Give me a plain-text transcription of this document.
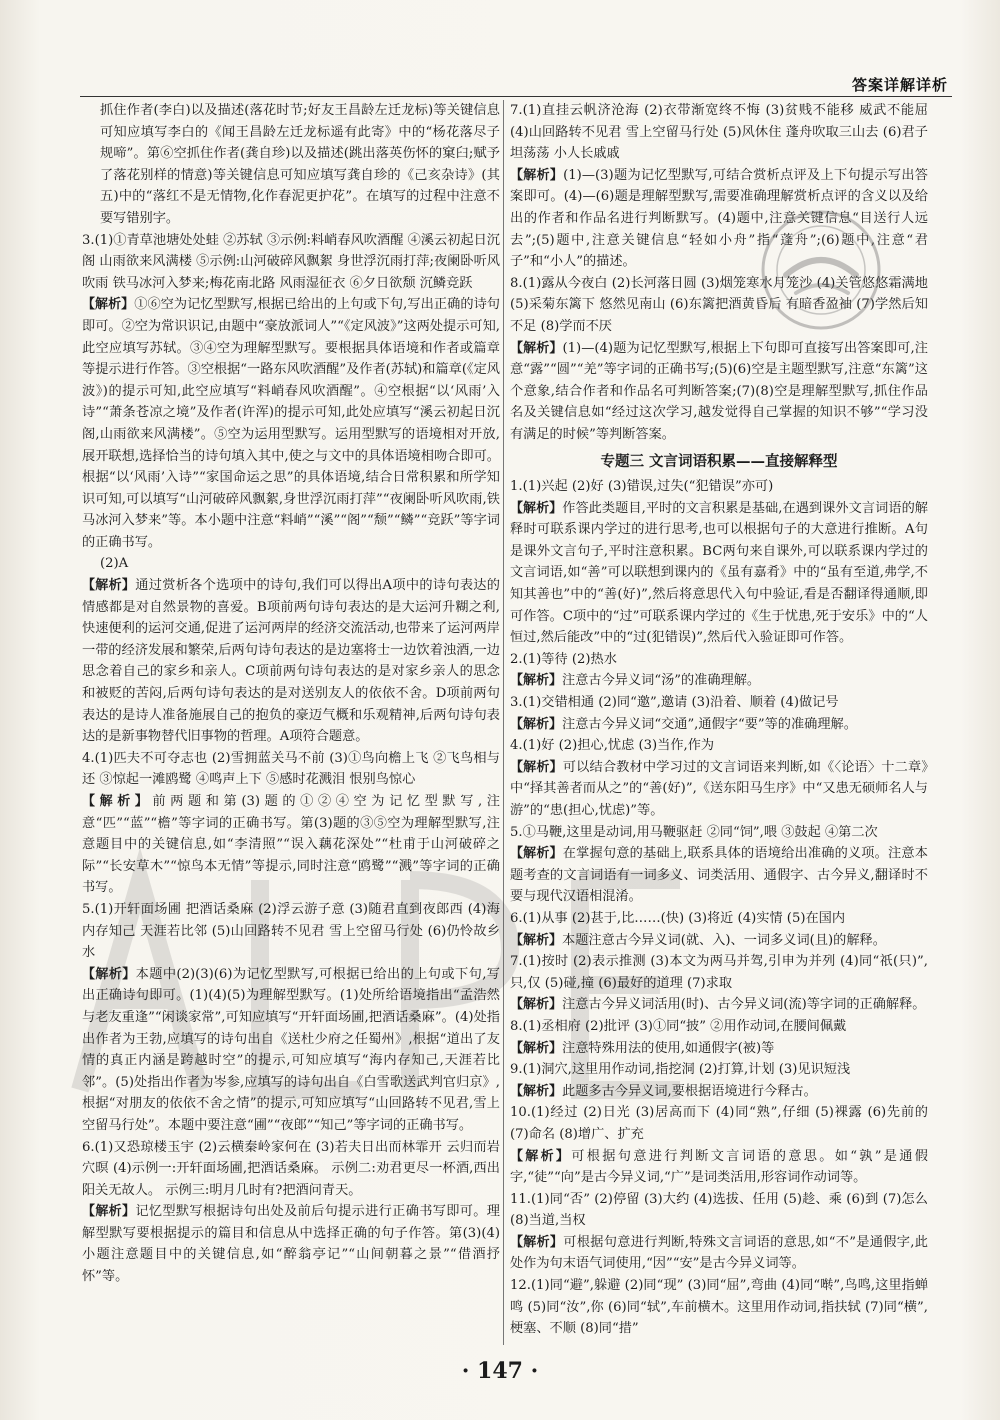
答案详解详析

抓住作者(李白)以及描述(落花时节;好友王昌龄左迁龙标)等关键信息可知应填写李白的《闻王昌龄左迁龙标遥有此寄》中的“杨花落尽子规啼”。第⑥空抓住作者(龚自珍)以及描述(跳出落英伤怀的窠臼;赋予了落花别样的情意)等关键信息可知应填写龚自珍的《己亥杂诗》(其五)中的“落红不是无情物,化作春泥更护花”。在填写的过程中注意不要写错别字。

3.(1)①青草池塘处处蛙 ②苏轼 ③示例:料峭春风吹酒醒 ④溪云初起日沉阁 山雨欲来风满楼 ⑤示例:山河破碎风飘絮 身世浮沉雨打萍;夜阑卧听风吹雨 铁马冰河入梦来;梅花南北路 风雨湿征衣 ⑥夕日欲颓 沉鳞竞跃

【解析】①⑥空为记忆型默写,根据已给出的上句或下句,写出正确的诗句即可。②空为常识识记,由题中“豪放派词人”“《定风波》”这两处提示可知,此空应填写苏轼。③④空为理解型默写。要根据具体语境和作者或篇章等提示进行作答。③空根据“一路东风吹酒醒”及作者(苏轼)和篇章(《定风波》)的提示可知,此空应填写“料峭春风吹酒醒”。④空根据“以‘风雨’入诗”“萧条苍凉之境”及作者(许浑)的提示可知,此处应填写“溪云初起日沉阁,山雨欲来风满楼”。⑤空为运用型默写。运用型默写的语境相对开放,展开联想,选择恰当的诗句填入其中,使之与文中的具体语境相吻合即可。根据“以‘风雨’入诗”“家国命运之思”的具体语境,结合日常积累和所学知识可知,可以填写“山河破碎风飘絮,身世浮沉雨打萍”“夜阑卧听风吹雨,铁马冰河入梦来”等。本小题中注意“料峭”“溪”“阁”“颓”“鳞”“竞跃”等字词的正确书写。

(2)A

【解析】通过赏析各个选项中的诗句,我们可以得出A项中的诗句表达的情感都是对自然景物的喜爱。B项前两句诗句表达的是大运河升糊之利,快速便利的运河交通,促进了运河两岸的经济交流活动,也带来了运河两岸一带的经济发展和繁荣,后两句诗句表达的是边塞将士一边饮着浊酒,一边思念着自己的家乡和亲人。C项前两句诗句表达的是对家乡亲人的思念和被贬的苦闷,后两句诗句表达的是对送别友人的依依不舍。D项前两句表达的是诗人准备施展自己的抱负的豪迈气概和乐观精神,后两句诗句表达的是新事物替代旧事物的哲理。A项符合题意。

4.(1)匹夫不可夺志也 (2)雪拥蓝关马不前 (3)①鸟向檐上飞 ②飞鸟相与还 ③惊起一滩鸥鹭 ④鸣声上下 ⑤感时花溅泪 恨别鸟惊心

【解析】前两题和第(3)题的①②④空为记忆型默写,注意“匹”“蓝”“檐”等字词的正确书写。第(3)题的③⑤空为理解型默写,注意题目中的关键信息,如“李清照”“误入藕花深处”“杜甫于山河破碎之际”“长安草木”“惊鸟本无情”等提示,同时注意“鸥鹭”“溅”等字词的正确书写。

5.(1)开轩面场圃 把酒话桑麻 (2)浮云游子意 (3)随君直到夜郎西 (4)海内存知己 天涯若比邻 (5)山回路转不见君 雪上空留马行处 (6)仍怜故乡水

【解析】本题中(2)(3)(6)为记忆型默写,可根据已给出的上句或下句,写出正确诗句即可。(1)(4)(5)为理解型默写。(1)处所给语境指出“孟浩然与老友重逢”“闲谈家常”,可知应填写“开轩面场圃,把酒话桑麻”。(4)处指出作者为王勃,应填写的诗句出自《送杜少府之任蜀州》,根据“道出了友情的真正内涵是跨越时空”的提示,可知应填写“海内存知己,天涯若比邻”。(5)处指出作者为岑参,应填写的诗句出自《白雪歌送武判官归京》,根据“对朋友的依依不舍之情”的提示,可知应填写“山回路转不见君,雪上空留马行处”。本题中要注意“圃”“夜郎”“知己”等字词的正确书写。

6.(1)又恐琼楼玉宇 (2)云横秦岭家何在 (3)若夫日出而林霏开 云归而岩穴暝 (4)示例一:开轩面场圃,把酒话桑麻。 示例二:劝君更尽一杯酒,西出阳关无故人。 示例三:明月几时有?把酒问青天。

【解析】记忆型默写根据诗句出处及前后句提示进行正确书写即可。理解型默写要根据提示的篇目和信息从中选择正确的句子作答。第(3)(4)小题注意题目中的关键信息,如“醉翁亭记”“山间朝暮之景”“借酒抒怀”等。

7.(1)直挂云帆济沧海 (2)衣带渐宽终不悔 (3)贫贱不能移 威武不能屈 (4)山回路转不见君 雪上空留马行处 (5)风休住 蓬舟吹取三山去 (6)君子坦荡荡 小人长戚戚

【解析】(1)—(3)题为记忆型默写,可结合赏析点评及上下句提示写出答案即可。(4)—(6)题是理解型默写,需要准确理解赏析点评的含义以及给出的作者和作品名进行判断默写。(4)题中,注意关键信息“目送行人远去”;(5)题中,注意关键信息“轻如小舟”指“蓬舟”;(6)题中,注意“君子”和“小人”的描述。

8.(1)露从今夜白 (2)长河落日圆 (3)烟笼寒水月笼沙 (4)关管悠悠霜满地 (5)采菊东篱下 悠然见南山 (6)东篱把酒黄昏后 有暗香盈袖 (7)学然后知不足 (8)学而不厌

【解析】(1)—(4)题为记忆型默写,根据上下句即可直接写出答案即可,注意“露”“圆”“羌”等字词的正确书写;(5)(6)空是主题型默写,注意“东篱”这个意象,结合作者和作品名可判断答案;(7)(8)空是理解型默写,抓住作品名及关键信息如“经过这次学习,越发觉得自己掌握的知识不够”“学习没有满足的时候”等判断答案。

专题三 文言词语积累——直接解释型

1.(1)兴起 (2)好 (3)错误,过失(“犯错误”亦可)

【解析】作答此类题目,平时的文言积累是基础,在遇到课外文言词语的解释时可联系课内学过的进行思考,也可以根据句子的大意进行推断。A句是课外文言句子,平时注意积累。BC两句来自课外,可以联系课内学过的文言词语,如“善”可以联想到课内的《虽有嘉肴》中的“虽有至道,弗学,不知其善也”中的“善(好)”,然后将意思代入句中验证,看是否翻译得通顺,即可作答。C项中的“过”可联系课内学过的《生于忧患,死于安乐》中的“人恒过,然后能改”中的“过(犯错误)”,然后代入验证即可作答。

2.(1)等待 (2)热水

【解析】注意古今异义词“汤”的准确理解。

3.(1)交错相通 (2)同“邀”,邀请 (3)沿着、顺着 (4)做记号

【解析】注意古今异义词“交通”,通假字“要”等的准确理解。

4.(1)好 (2)担心,忧虑 (3)当作,作为

【解析】可以结合教材中学习过的文言词语来判断,如《〈论语〉十二章》中“择其善者而从之”的“善(好)”,《送东阳马生序》中“又患无硕师名人与游”的“患(担心,忧虑)”等。

5.①马鞭,这里是动词,用马鞭驱赶 ②同“饲”,喂 ③鼓起 ④第二次

【解析】在掌握句意的基础上,联系具体的语境给出准确的义项。注意本题考查的文言词语有一词多义、词类活用、通假字、古今异义,翻译时不要与现代汉语相混淆。

6.(1)从事 (2)甚于,比……(快) (3)将近 (4)实情 (5)在国内

【解析】本题注意古今异义词(就、入)、一词多义词(且)的解释。

7.(1)按时 (2)表示推测 (3)本文为两马并驾,引申为并列 (4)同“祇(只)”,只,仅 (5)碰,撞 (6)最好的道理 (7)求取

【解析】注意古今异义词活用(时)、古今异义词(流)等字词的正确解释。

8.(1)丞相府 (2)批评 (3)①同“披” ②用作动词,在腰间佩戴

【解析】注意特殊用法的使用,如通假字(被)等

9.(1)洞穴,这里用作动词,指挖洞 (2)打算,计划 (3)见识短浅

【解析】此题多古今异义词,要根据语境进行今释古。

10.(1)经过 (2)日光 (3)居高而下 (4)同“熟”,仔细 (5)裸露 (6)先前的 (7)命名 (8)增广、扩充

【解析】可根据句意进行判断文言词语的意思。如“孰”是通假字,“徒”“向”是古今异义词,“广”是词类活用,形容词作动词等。

11.(1)同“否” (2)停留 (3)大约 (4)选拔、任用 (5)趁、乘 (6)到 (7)怎么 (8)当道,当权

【解析】可根据句意进行判断,特殊文言词语的意思,如“不”是通假字,此处作为句末语气词使用,“因”“安”是古今异义词等。

12.(1)同“避”,躲避 (2)同“现” (3)同“屈”,弯曲 (4)同“啭”,鸟鸣,这里指蝉鸣 (5)同“汝”,你 (6)同“轼”,车前横木。这里用作动词,指扶轼 (7)同“横”,梗塞、不顺 (8)同“措”

· 147 ·
